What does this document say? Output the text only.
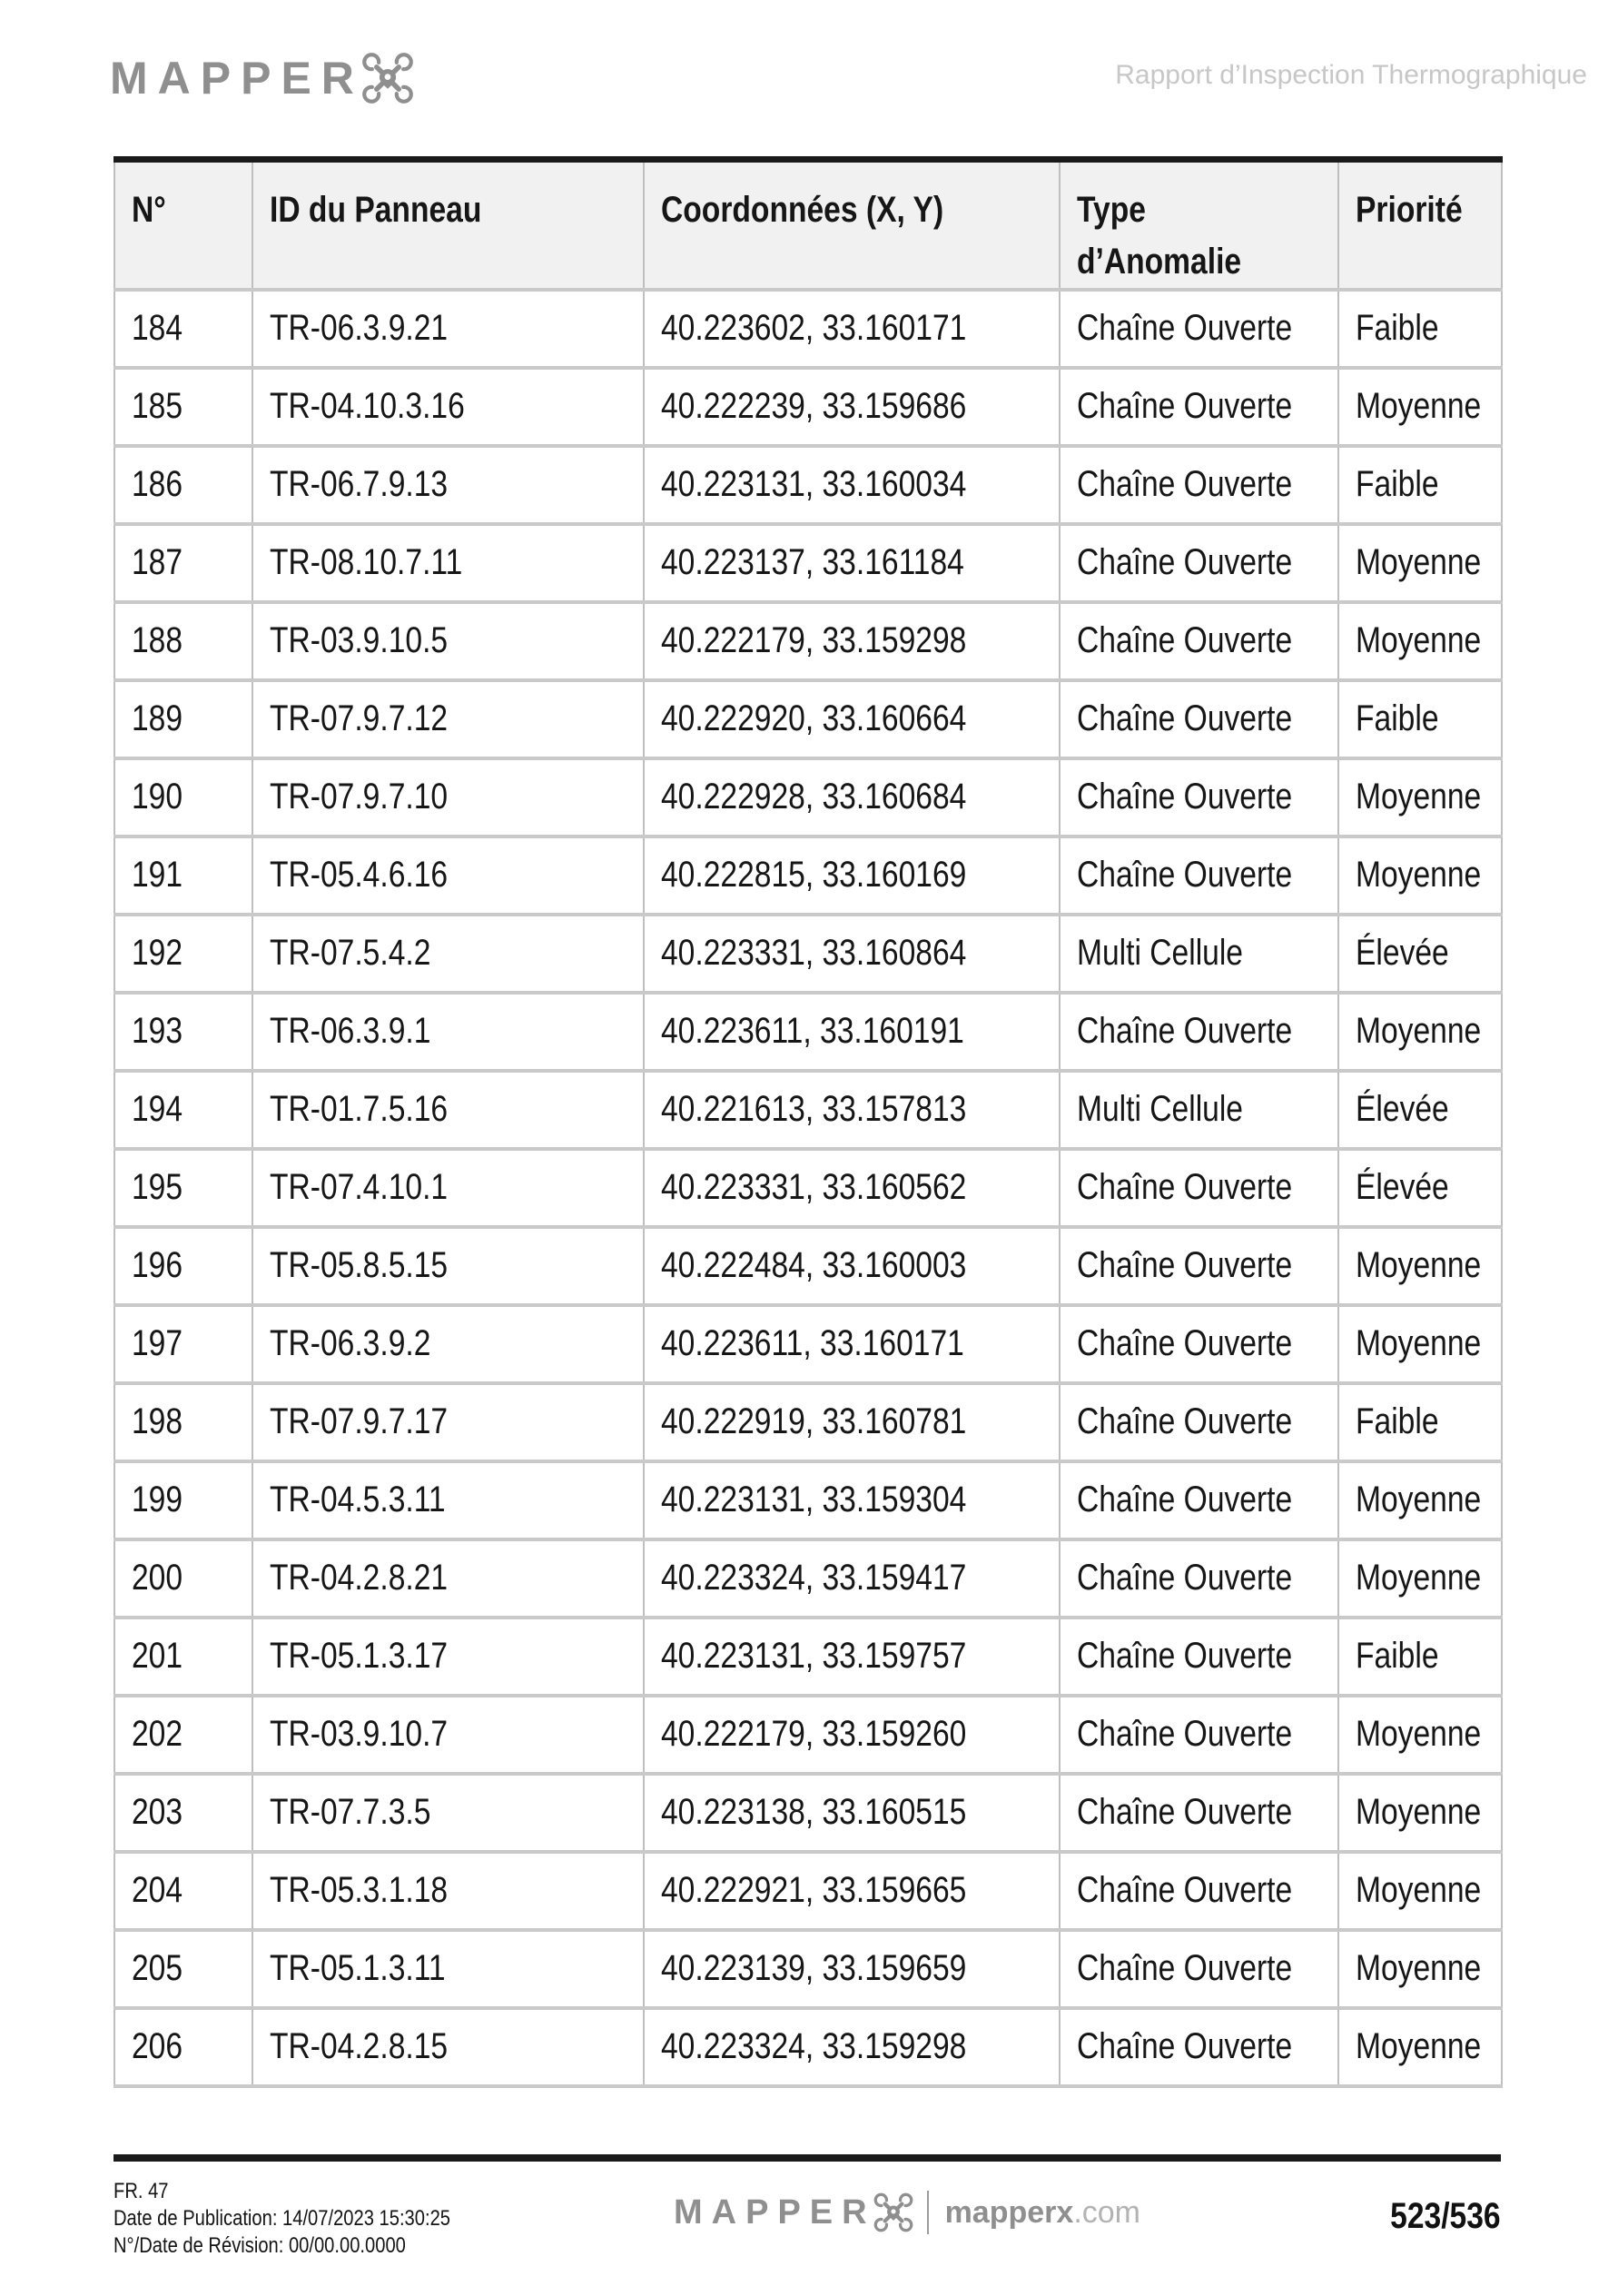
MAPPER	Rapport d’Inspection Thermographique
N°	ID du Panneau	Coordonnées (X, Y)	Type d’Anomalie	Priorité
184	TR-06.3.9.21	40.223602, 33.160171	Chaîne Ouverte	Faible
185	TR-04.10.3.16	40.222239, 33.159686	Chaîne Ouverte	Moyenne
186	TR-06.7.9.13	40.223131, 33.160034	Chaîne Ouverte	Faible
187	TR-08.10.7.11	40.223137, 33.161184	Chaîne Ouverte	Moyenne
188	TR-03.9.10.5	40.222179, 33.159298	Chaîne Ouverte	Moyenne
189	TR-07.9.7.12	40.222920, 33.160664	Chaîne Ouverte	Faible
190	TR-07.9.7.10	40.222928, 33.160684	Chaîne Ouverte	Moyenne
191	TR-05.4.6.16	40.222815, 33.160169	Chaîne Ouverte	Moyenne
192	TR-07.5.4.2	40.223331, 33.160864	Multi Cellule	Élevée
193	TR-06.3.9.1	40.223611, 33.160191	Chaîne Ouverte	Moyenne
194	TR-01.7.5.16	40.221613, 33.157813	Multi Cellule	Élevée
195	TR-07.4.10.1	40.223331, 33.160562	Chaîne Ouverte	Élevée
196	TR-05.8.5.15	40.222484, 33.160003	Chaîne Ouverte	Moyenne
197	TR-06.3.9.2	40.223611, 33.160171	Chaîne Ouverte	Moyenne
198	TR-07.9.7.17	40.222919, 33.160781	Chaîne Ouverte	Faible
199	TR-04.5.3.11	40.223131, 33.159304	Chaîne Ouverte	Moyenne
200	TR-04.2.8.21	40.223324, 33.159417	Chaîne Ouverte	Moyenne
201	TR-05.1.3.17	40.223131, 33.159757	Chaîne Ouverte	Faible
202	TR-03.9.10.7	40.222179, 33.159260	Chaîne Ouverte	Moyenne
203	TR-07.7.3.5	40.223138, 33.160515	Chaîne Ouverte	Moyenne
204	TR-05.3.1.18	40.222921, 33.159665	Chaîne Ouverte	Moyenne
205	TR-05.1.3.11	40.223139, 33.159659	Chaîne Ouverte	Moyenne
206	TR-04.2.8.15	40.223324, 33.159298	Chaîne Ouverte	Moyenne
FR. 47
Date de Publication: 14/07/2023 15:30:25
N°/Date de Révision: 00/00.00.0000
MAPPER mapperx.com	523/536
